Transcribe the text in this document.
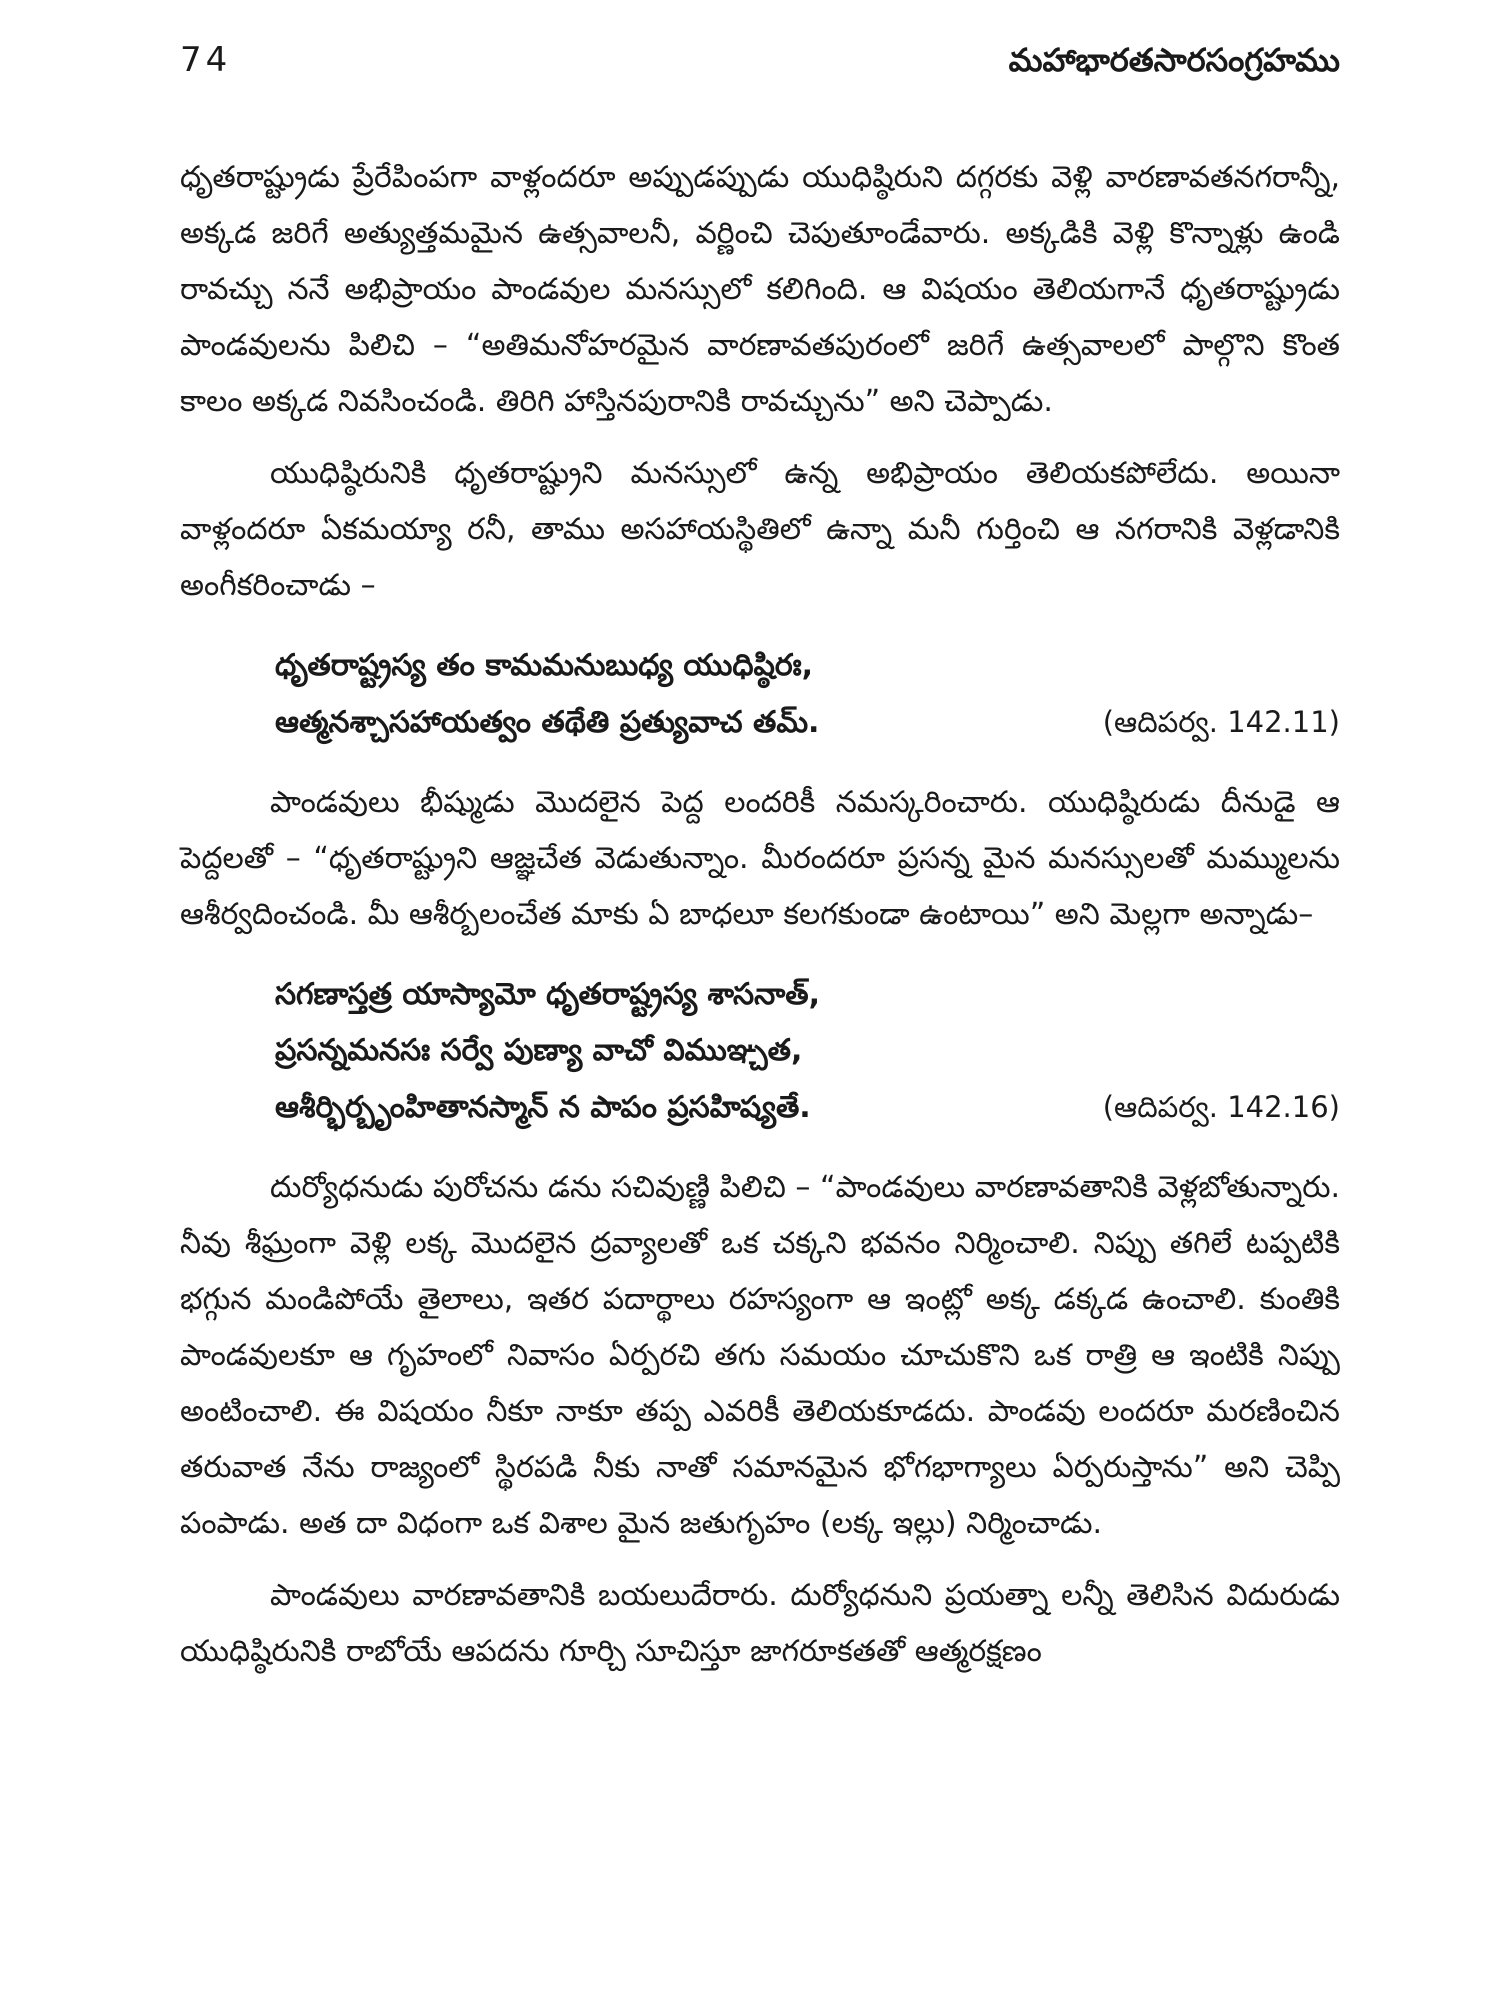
74	మహాభారతసారసంగ్రహము

ధృతరాష్ట్రుడు ప్రేరేపింపగా వాళ్లందరూ అప్పుడప్పుడు యుధిష్ఠిరుని దగ్గరకు వెళ్లి వారణావతనగరాన్నీ, అక్కడ జరిగే అత్యుత్తమమైన ఉత్సవాలనీ, వర్ణించి చెపుతూండేవారు. అక్కడికి వెళ్లి కొన్నాళ్లు ఉండి రావచ్చు ననే అభిప్రాయం పాండవుల మనస్సులో కలిగింది. ఆ విషయం తెలియగానే ధృతరాష్ట్రుడు పాండవులను పిలిచి – “అతిమనోహరమైన వారణావతపురంలో జరిగే ఉత్సవాలలో పాల్గొని కొంత కాలం అక్కడ నివసించండి. తిరిగి హాస్తినపురానికి రావచ్చును” అని చెప్పాడు.

యుధిష్ఠిరునికి ధృతరాష్ట్రుని మనస్సులో ఉన్న అభిప్రాయం తెలియకపోలేదు. అయినా వాళ్లందరూ ఏకమయ్యా రనీ, తాము అసహాయస్థితిలో ఉన్నా మనీ గుర్తించి ఆ నగరానికి వెళ్లడానికి అంగీకరించాడు –

ధృతరాష్ట్రస్య తం కామమనుబుధ్య యుధిష్ఠిరః,
ఆత్మనశ్చాసహాయత్వం తథేతి ప్రత్యువాచ తమ్.	(ఆదిపర్వ. 142.11)

పాండవులు భీష్ముడు మొదలైన పెద్ద లందరికీ నమస్కరించారు. యుధిష్ఠిరుడు దీనుడై ఆ పెద్దలతో – “ధృతరాష్ట్రుని ఆజ్ఞచేత వెడుతున్నాం. మీరందరూ ప్రసన్న మైన మనస్సులతో మమ్ములను ఆశీర్వదించండి. మీ ఆశీర్బలంచేత మాకు ఏ బాధలూ కలగకుండా ఉంటాయి” అని మెల్లగా అన్నాడు–

సగణాస్తత్ర యాస్యామో ధృతరాష్ట్రస్య శాసనాత్,
ప్రసన్నమనసః సర్వే పుణ్యా వాచో విముఞ్చత,
ఆశీర్భిర్బృంహితానస్మాన్ న పాపం ప్రసహిష్యతే.	(ఆదిపర్వ. 142.16)

దుర్యోధనుడు పురోచను డను సచివుణ్ణి పిలిచి – “పాండవులు వారణావతానికి వెళ్లబోతున్నారు. నీవు శీఘ్రంగా వెళ్లి లక్క మొదలైన ద్రవ్యాలతో ఒక చక్కని భవనం నిర్మించాలి. నిప్పు తగిలే టప్పటికి భగ్గున మండిపోయే తైలాలు, ఇతర పదార్థాలు రహస్యంగా ఆ ఇంట్లో అక్క డక్కడ ఉంచాలి. కుంతికి పాండవులకూ ఆ గృహంలో నివాసం ఏర్పరచి తగు సమయం చూచుకొని ఒక రాత్రి ఆ ఇంటికి నిప్పు అంటించాలి. ఈ విషయం నీకూ నాకూ తప్ప ఎవరికీ తెలియకూడదు. పాండవు లందరూ మరణించిన తరువాత నేను రాజ్యంలో స్థిరపడి నీకు నాతో సమానమైన భోగభాగ్యాలు ఏర్పరుస్తాను” అని చెప్పి పంపాడు. అత దా విధంగా ఒక విశాల మైన జతుగృహం (లక్క ఇల్లు) నిర్మించాడు.

పాండవులు వారణావతానికి బయలుదేరారు. దుర్యోధనుని ప్రయత్నా లన్నీ తెలిసిన విదురుడు యుధిష్ఠిరునికి రాబోయే ఆపదను గూర్చి సూచిస్తూ జాగరూకతతో ఆత్మరక్షణం
